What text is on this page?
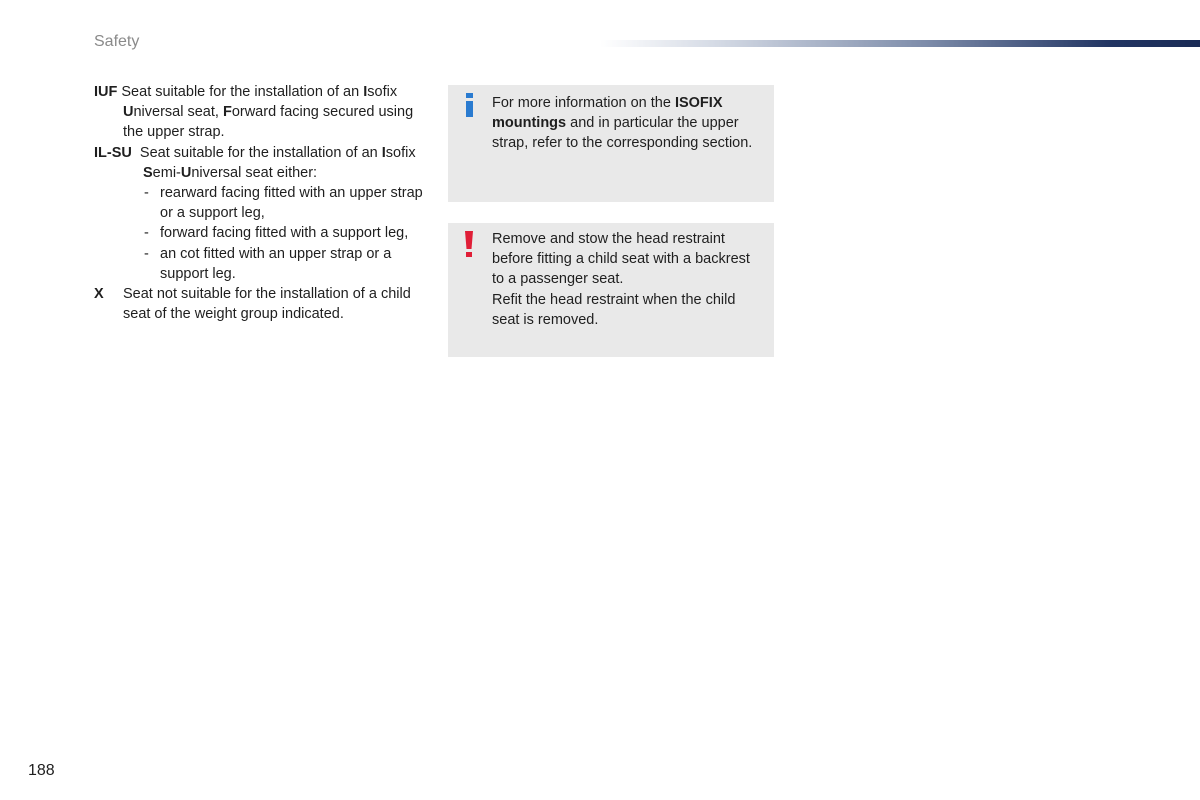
Safety
IUF Seat suitable for the installation of an Isofix Universal seat, Forward facing secured using the upper strap.
IL-SU  Seat suitable for the installation of an Isofix Semi-Universal seat either:
- rearward facing fitted with an upper strap or a support leg,
- forward facing fitted with a support leg,
- an cot fitted with an upper strap or a support leg.
X Seat not suitable for the installation of a child seat of the weight group indicated.
For more information on the ISOFIX mountings and in particular the upper strap, refer to the corresponding section.
Remove and stow the head restraint before fitting a child seat with a backrest to a passenger seat.
Refit the head restraint when the child seat is removed.
188
